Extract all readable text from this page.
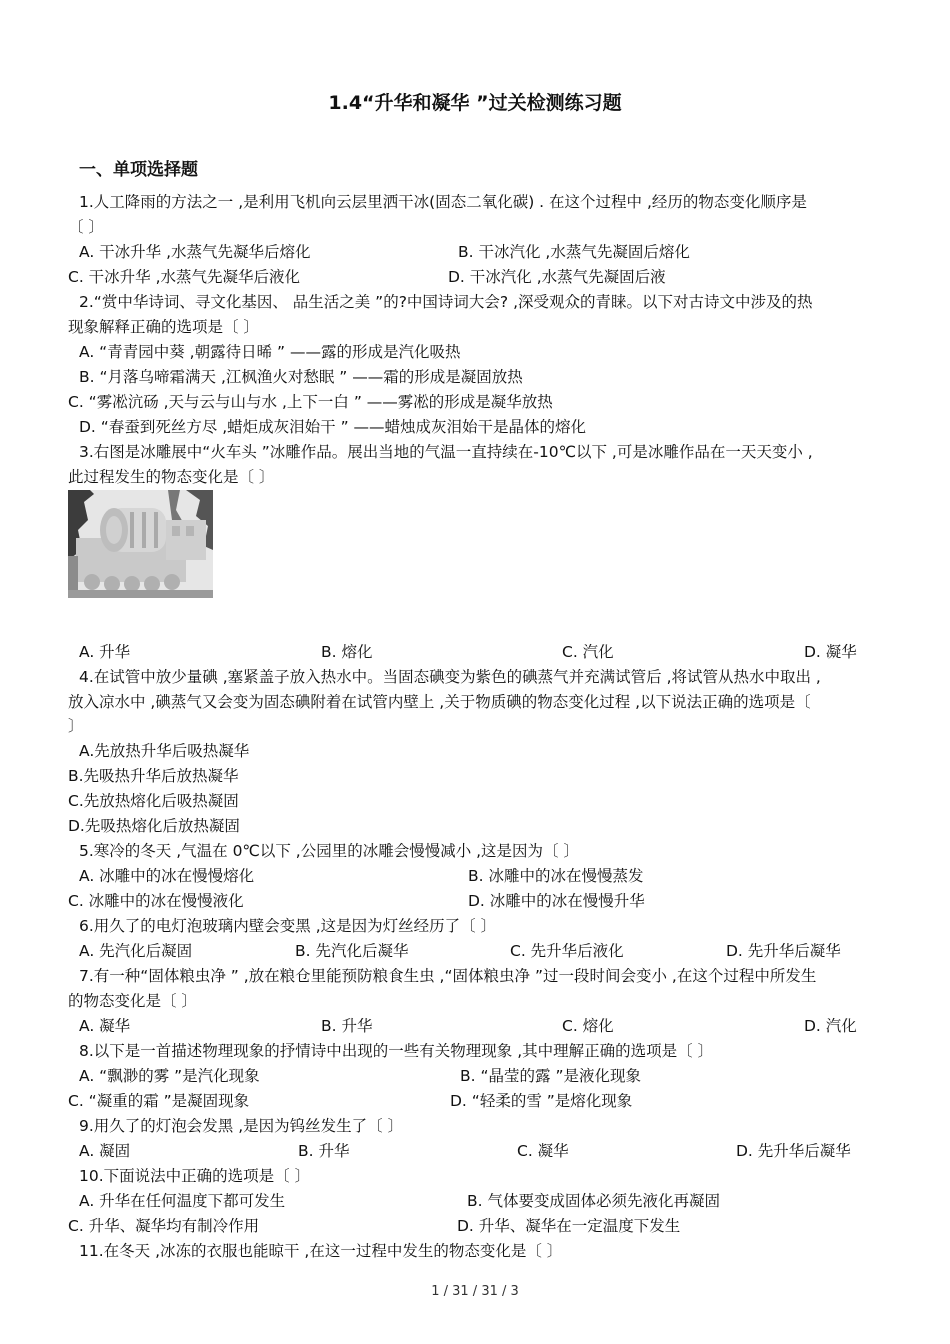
1.4“升华和凝华 ”过关检测练习题
一、单项选择题
1.人工降雨的方法之一 ,是利用飞机向云层里洒干冰(固态二氧化碳) . 在这个过程中 ,经历的物态变化顺序是
〔 〕
A. 干冰升华 ,水蒸气先凝华后熔化	B. 干冰汽化 ,水蒸气先凝固后熔化
C. 干冰升华 ,水蒸气先凝华后液化	D. 干冰汽化 ,水蒸气先凝固后液
2.“赏中华诗词、寻文化基因、 品生活之美 ”的?中国诗词大会? ,深受观众的青睐。以下对古诗文中涉及的热
现象解释正确的选项是〔 〕
A. “青青园中葵 ,朝露待日晞 ” ——露的形成是汽化吸热
B. “月落乌啼霜满天 ,江枫渔火对愁眠 ” ——霜的形成是凝固放热
C. “雾凇沆砀 ,天与云与山与水 ,上下一白 ” ——雾凇的形成是凝华放热
D. “春蚕到死丝方尽 ,蜡炬成灰泪始干 ” ——蜡烛成灰泪始干是晶体的熔化
3.右图是冰雕展中“火车头 ”冰雕作品。展出当地的气温一直持续在-10℃以下 ,可是冰雕作品在一天天变小 ,
此过程发生的物态变化是〔 〕
A. 升华	B. 熔化	C. 汽化	D. 凝华
4.在试管中放少量碘 ,塞紧盖子放入热水中。当固态碘变为紫色的碘蒸气并充满试管后 ,将试管从热水中取出 ,
放入凉水中 ,碘蒸气又会变为固态碘附着在试管内壁上 ,关于物质碘的物态变化过程 ,以下说法正确的选项是〔
〕
A.先放热升华后吸热凝华
B.先吸热升华后放热凝华
C.先放热熔化后吸热凝固
D.先吸热熔化后放热凝固
5.寒冷的冬天 ,气温在 0℃以下 ,公园里的冰雕会慢慢减小 ,这是因为〔 〕
A. 冰雕中的冰在慢慢熔化	B. 冰雕中的冰在慢慢蒸发
C. 冰雕中的冰在慢慢液化	D. 冰雕中的冰在慢慢升华
6.用久了的电灯泡玻璃内壁会变黑 ,这是因为灯丝经历了〔 〕
A. 先汽化后凝固	B. 先汽化后凝华	C. 先升华后液化	D. 先升华后凝华
7.有一种“固体粮虫净 ” ,放在粮仓里能预防粮食生虫 ,“固体粮虫净 ”过一段时间会变小 ,在这个过程中所发生
的物态变化是〔 〕
A. 凝华	B. 升华	C. 熔化	D. 汽化
8.以下是一首描述物理现象的抒情诗中出现的一些有关物理现象 ,其中理解正确的选项是〔 〕
A. “飘渺的雾 ”是汽化现象	B. “晶莹的露 ”是液化现象
C. “凝重的霜 ”是凝固现象	D. “轻柔的雪 ”是熔化现象
9.用久了的灯泡会发黑 ,是因为钨丝发生了〔 〕
A. 凝固	B. 升华	C. 凝华	D. 先升华后凝华
10.下面说法中正确的选项是〔 〕
A. 升华在任何温度下都可发生	B. 气体要变成固体必须先液化再凝固
C. 升华、凝华均有制冷作用	D. 升华、凝华在一定温度下发生
11.在冬天 ,冰冻的衣服也能晾干 ,在这一过程中发生的物态变化是〔 〕
1 / 31 / 31 / 3
